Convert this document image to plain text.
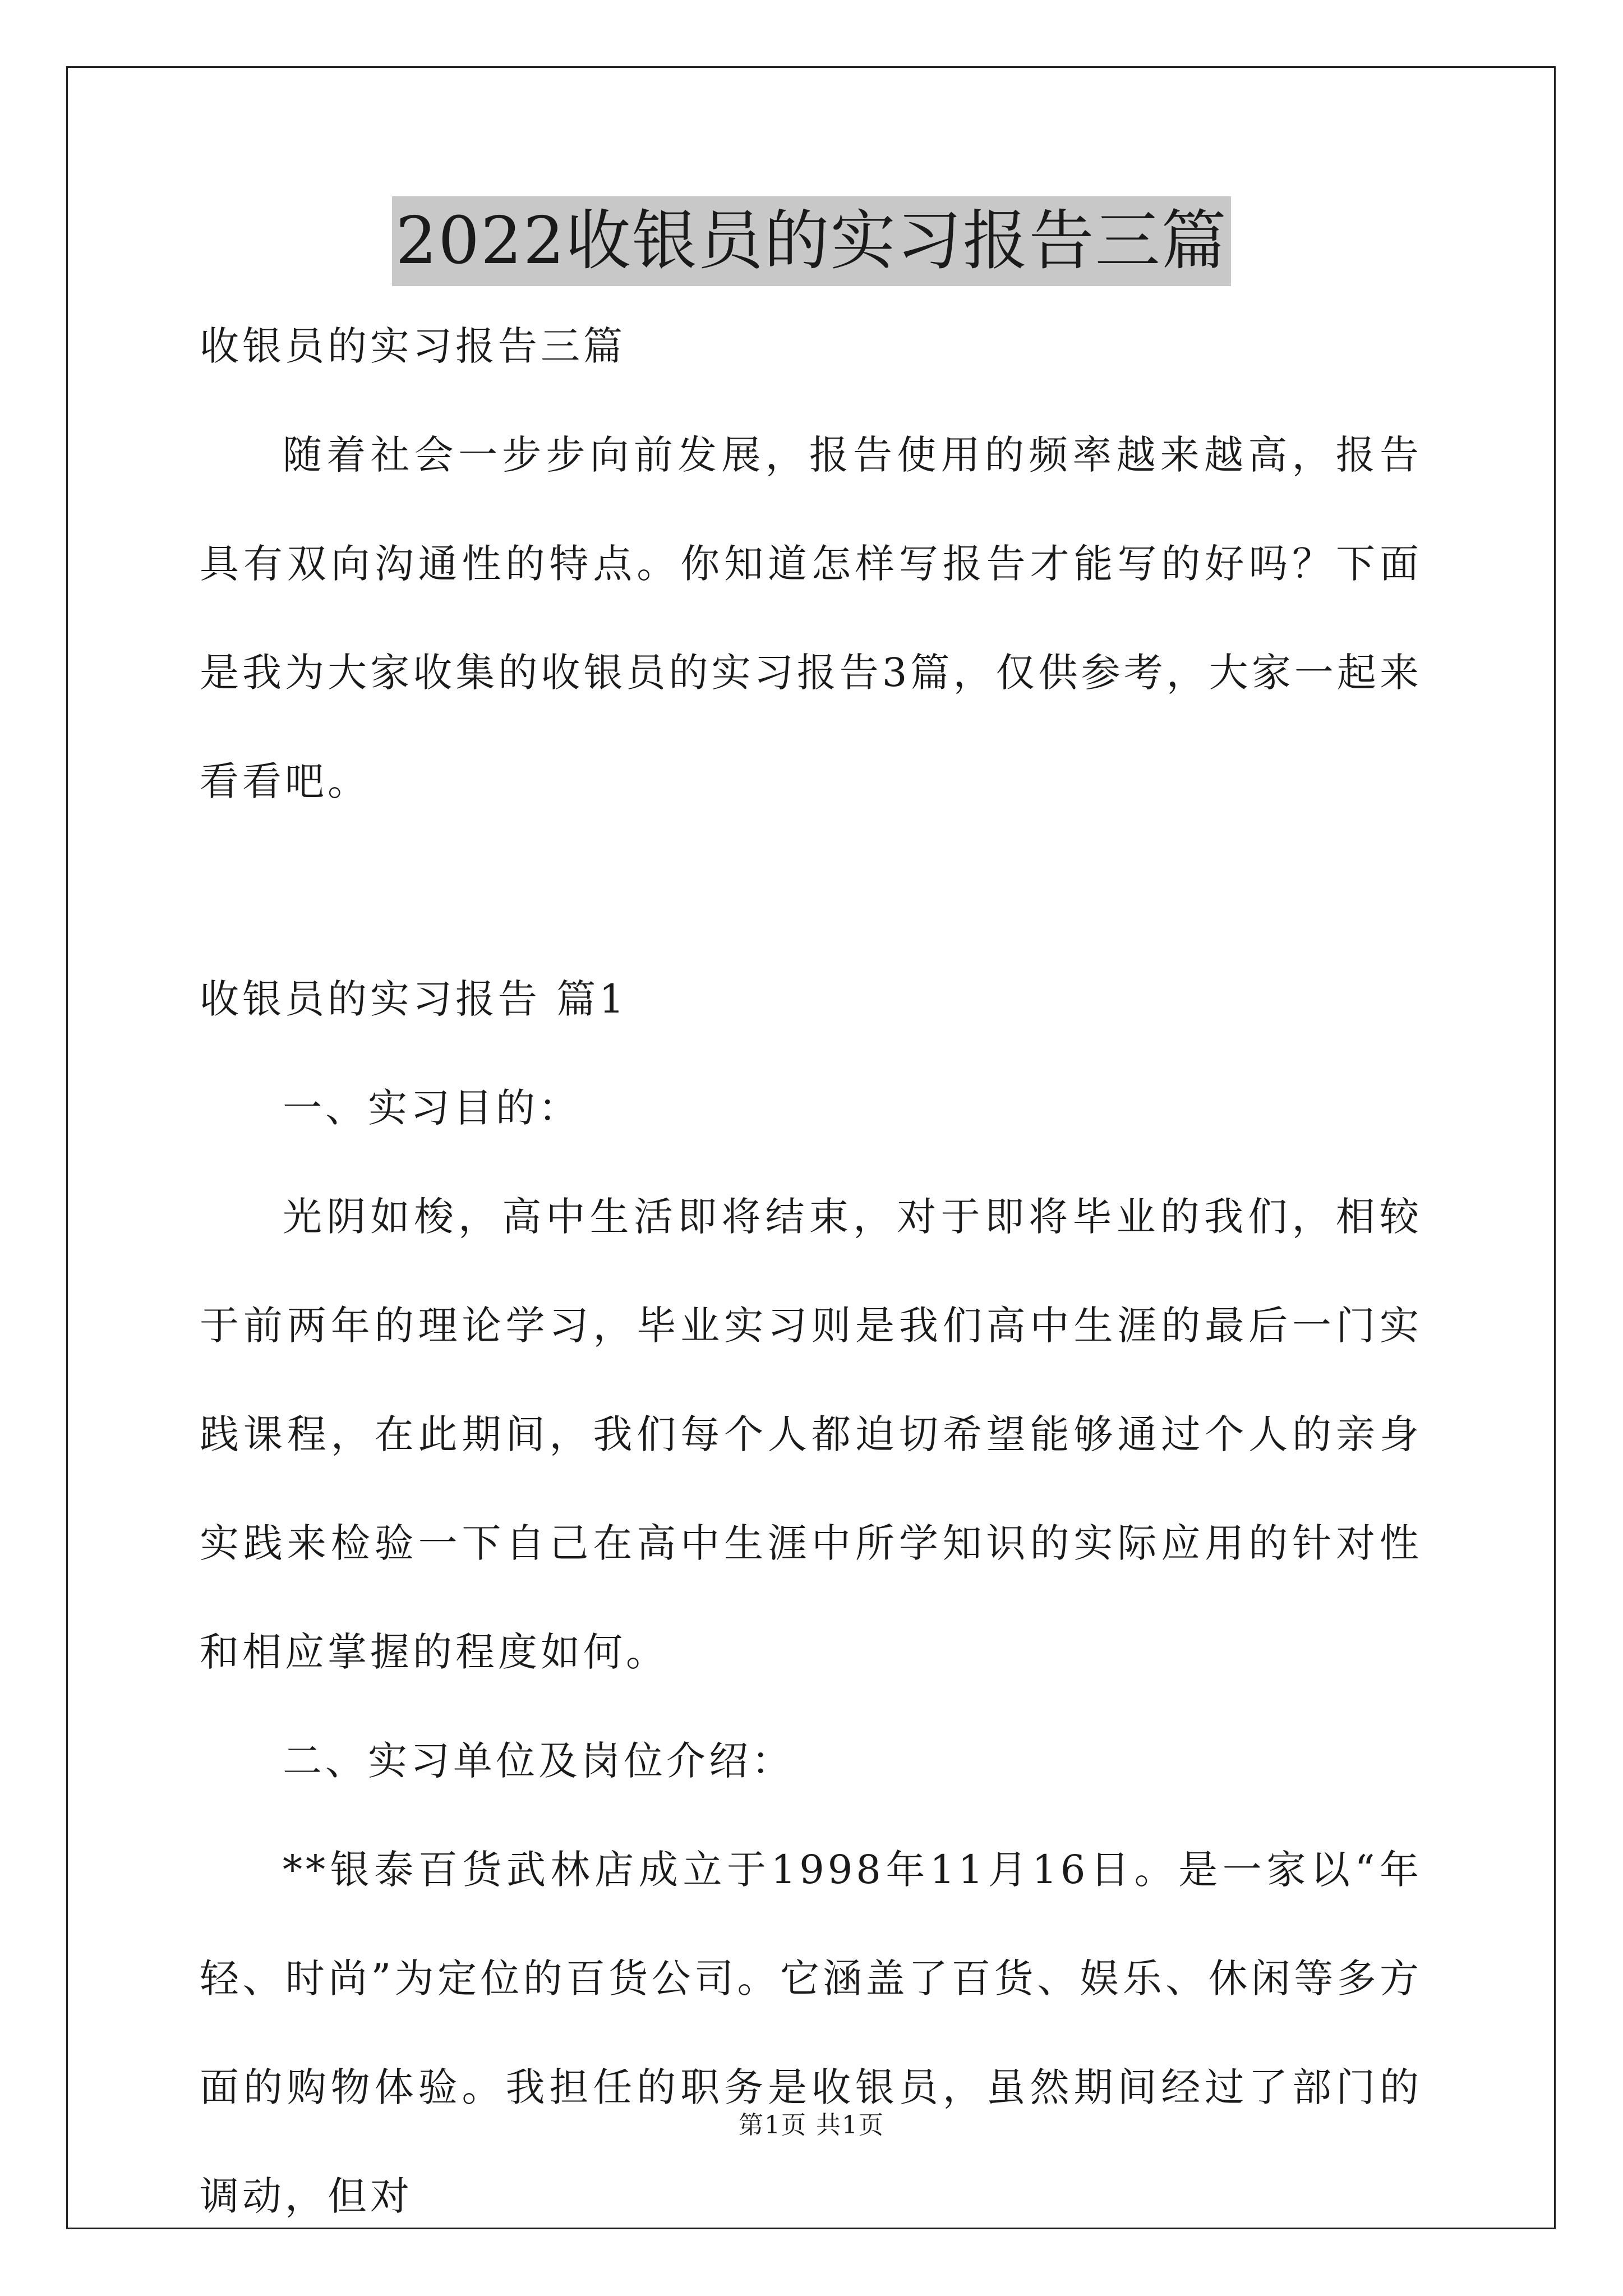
2022收银员的实习报告三篇

收银员的实习报告三篇

随着社会一步步向前发展，报告使用的频率越来越高，报告具有双向沟通性的特点。你知道怎样写报告才能写的好吗？下面是我为大家收集的收银员的实习报告3篇，仅供参考，大家一起来看看吧。

收银员的实习报告 篇1

一、实习目的：

光阴如梭，高中生活即将结束，对于即将毕业的我们，相较于前两年的理论学习，毕业实习则是我们高中生涯的最后一门实践课程，在此期间，我们每个人都迫切希望能够通过个人的亲身实践来检验一下自己在高中生涯中所学知识的实际应用的针对性和相应掌握的程度如何。

二、实习单位及岗位介绍：

**银泰百货武林店成立于1998年11月16日。是一家以“年轻、时尚”为定位的百货公司。它涵盖了百货、娱乐、休闲等多方面的购物体验。我担任的职务是收银员，虽然期间经过了部门的调动，但对

第1页 共1页
